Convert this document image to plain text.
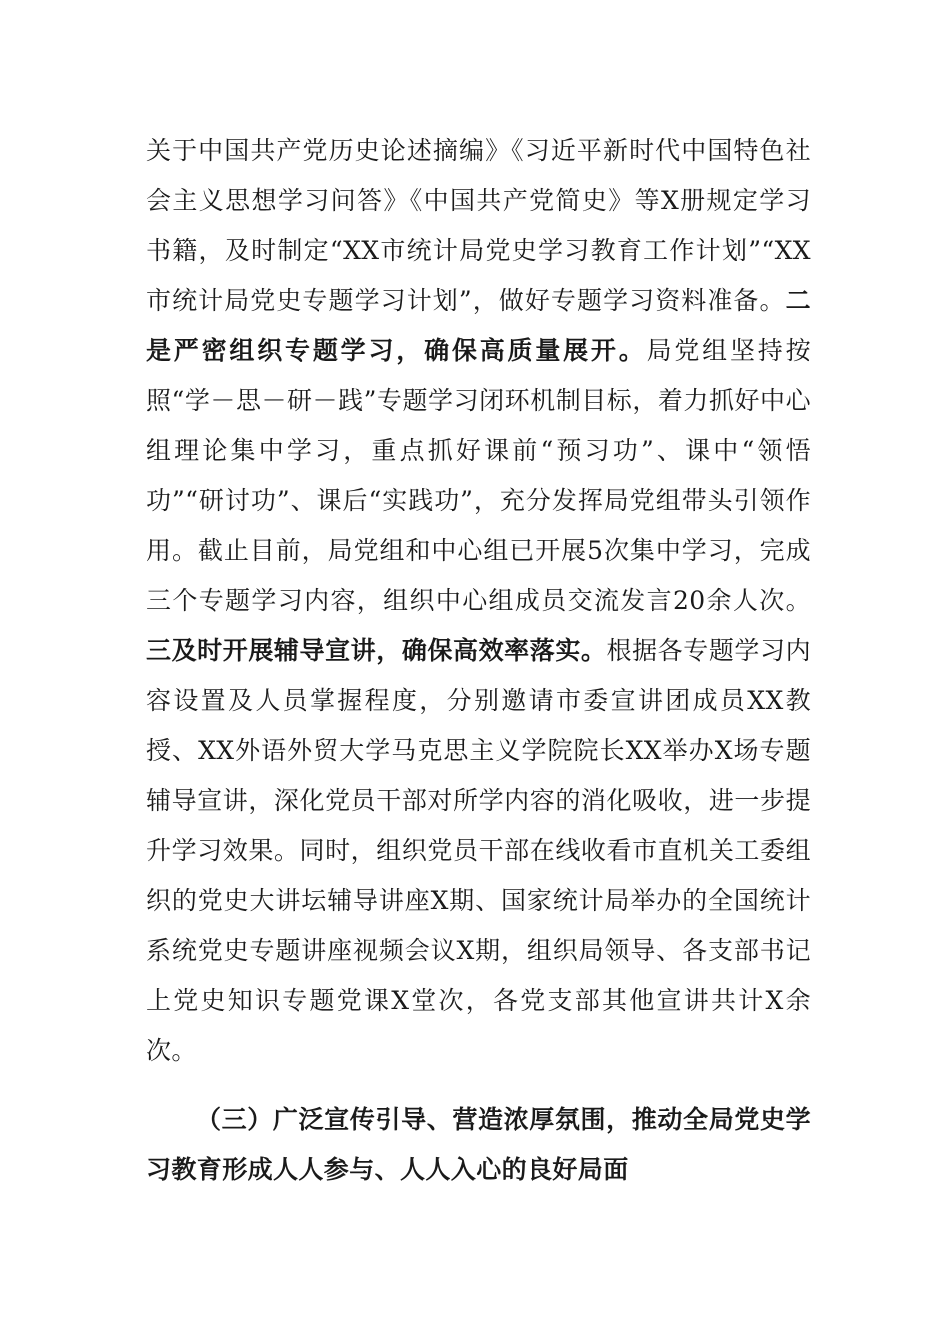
关于中国共产党历史论述摘编》《习近平新时代中国特色社会主义思想学习问答》《中国共产党简史》等X册规定学习书籍，及时制定“XX市统计局党史学习教育工作计划”“XX市统计局党史专题学习计划”，做好专题学习资料准备。二是严密组织专题学习，确保高质量展开。局党组坚持按照“学－思－研－践”专题学习闭环机制目标，着力抓好中心组理论集中学习，重点抓好课前“预习功”、课中“领悟功”“研讨功”、课后“实践功”，充分发挥局党组带头引领作用。截止目前，局党组和中心组已开展5次集中学习，完成三个专题学习内容，组织中心组成员交流发言20余人次。三及时开展辅导宣讲，确保高效率落实。根据各专题学习内容设置及人员掌握程度，分别邀请市委宣讲团成员XX教授、XX外语外贸大学马克思主义学院院长XX举办X场专题辅导宣讲，深化党员干部对所学内容的消化吸收，进一步提升学习效果。同时，组织党员干部在线收看市直机关工委组织的党史大讲坛辅导讲座X期、国家统计局举办的全国统计系统党史专题讲座视频会议X期，组织局领导、各支部书记上党史知识专题党课X堂次，各党支部其他宣讲共计X余次。

（三）广泛宣传引导、营造浓厚氛围，推动全局党史学习教育形成人人参与、人人入心的良好局面
